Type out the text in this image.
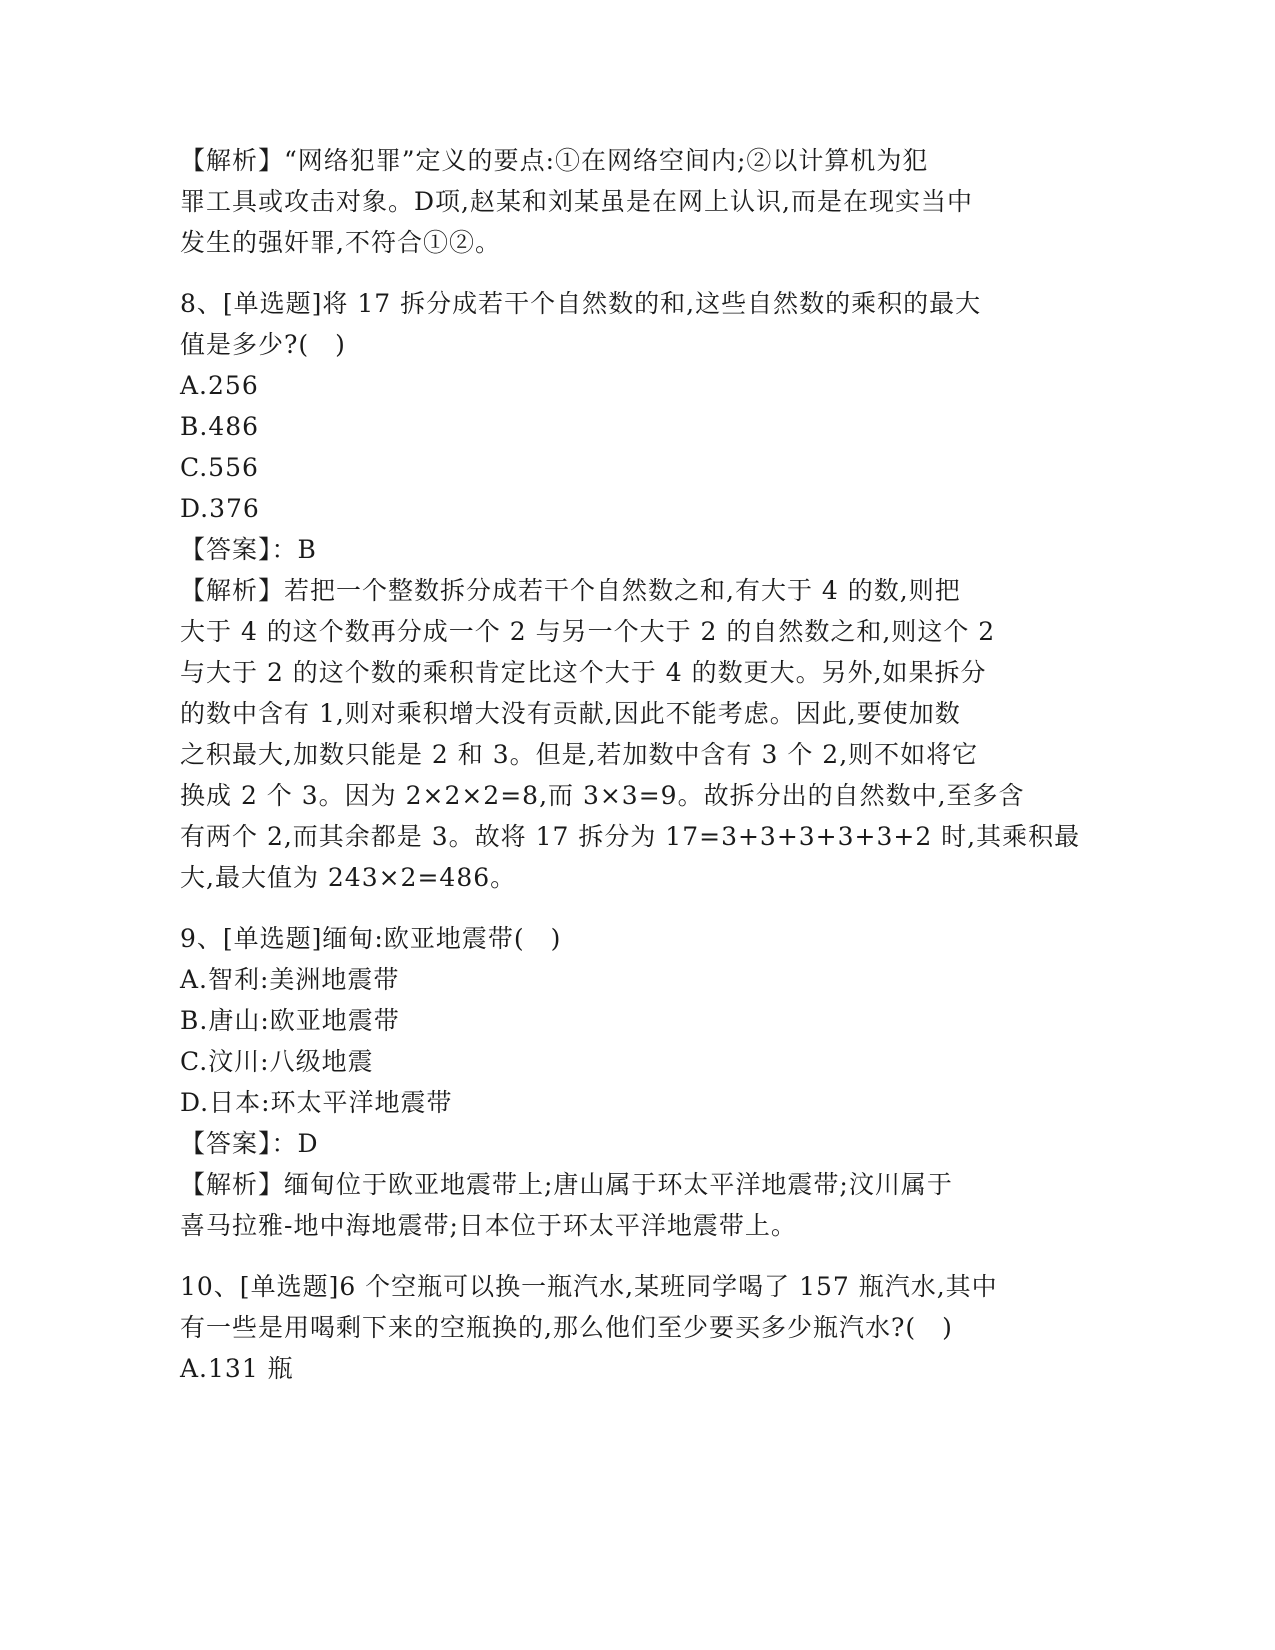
【解析】“网络犯罪”定义的要点:①在网络空间内;②以计算机为犯
罪工具或攻击对象。D项,赵某和刘某虽是在网上认识,而是在现实当中
发生的强奸罪,不符合①②。
8、[单选题]将 17 拆分成若干个自然数的和,这些自然数的乘积的最大
值是多少?(　)
A.256
B.486
C.556
D.376
【答案】：B
【解析】若把一个整数拆分成若干个自然数之和,有大于 4 的数,则把
大于 4 的这个数再分成一个 2 与另一个大于 2 的自然数之和,则这个 2
与大于 2 的这个数的乘积肯定比这个大于 4 的数更大。另外,如果拆分
的数中含有 1,则对乘积增大没有贡献,因此不能考虑。因此,要使加数
之积最大,加数只能是 2 和 3。但是,若加数中含有 3 个 2,则不如将它
换成 2 个 3。因为 2×2×2=8,而 3×3=9。故拆分出的自然数中,至多含
有两个 2,而其余都是 3。故将 17 拆分为 17=3+3+3+3+3+2 时,其乘积最
大,最大值为 243×2=486。
9、[单选题]缅甸:欧亚地震带(　)
A.智利:美洲地震带
B.唐山:欧亚地震带
C.汶川:八级地震
D.日本:环太平洋地震带
【答案】：D
【解析】缅甸位于欧亚地震带上;唐山属于环太平洋地震带;汶川属于
喜马拉雅-地中海地震带;日本位于环太平洋地震带上。
10、[单选题]6 个空瓶可以换一瓶汽水,某班同学喝了 157 瓶汽水,其中
有一些是用喝剩下来的空瓶换的,那么他们至少要买多少瓶汽水?(　)
A.131 瓶
